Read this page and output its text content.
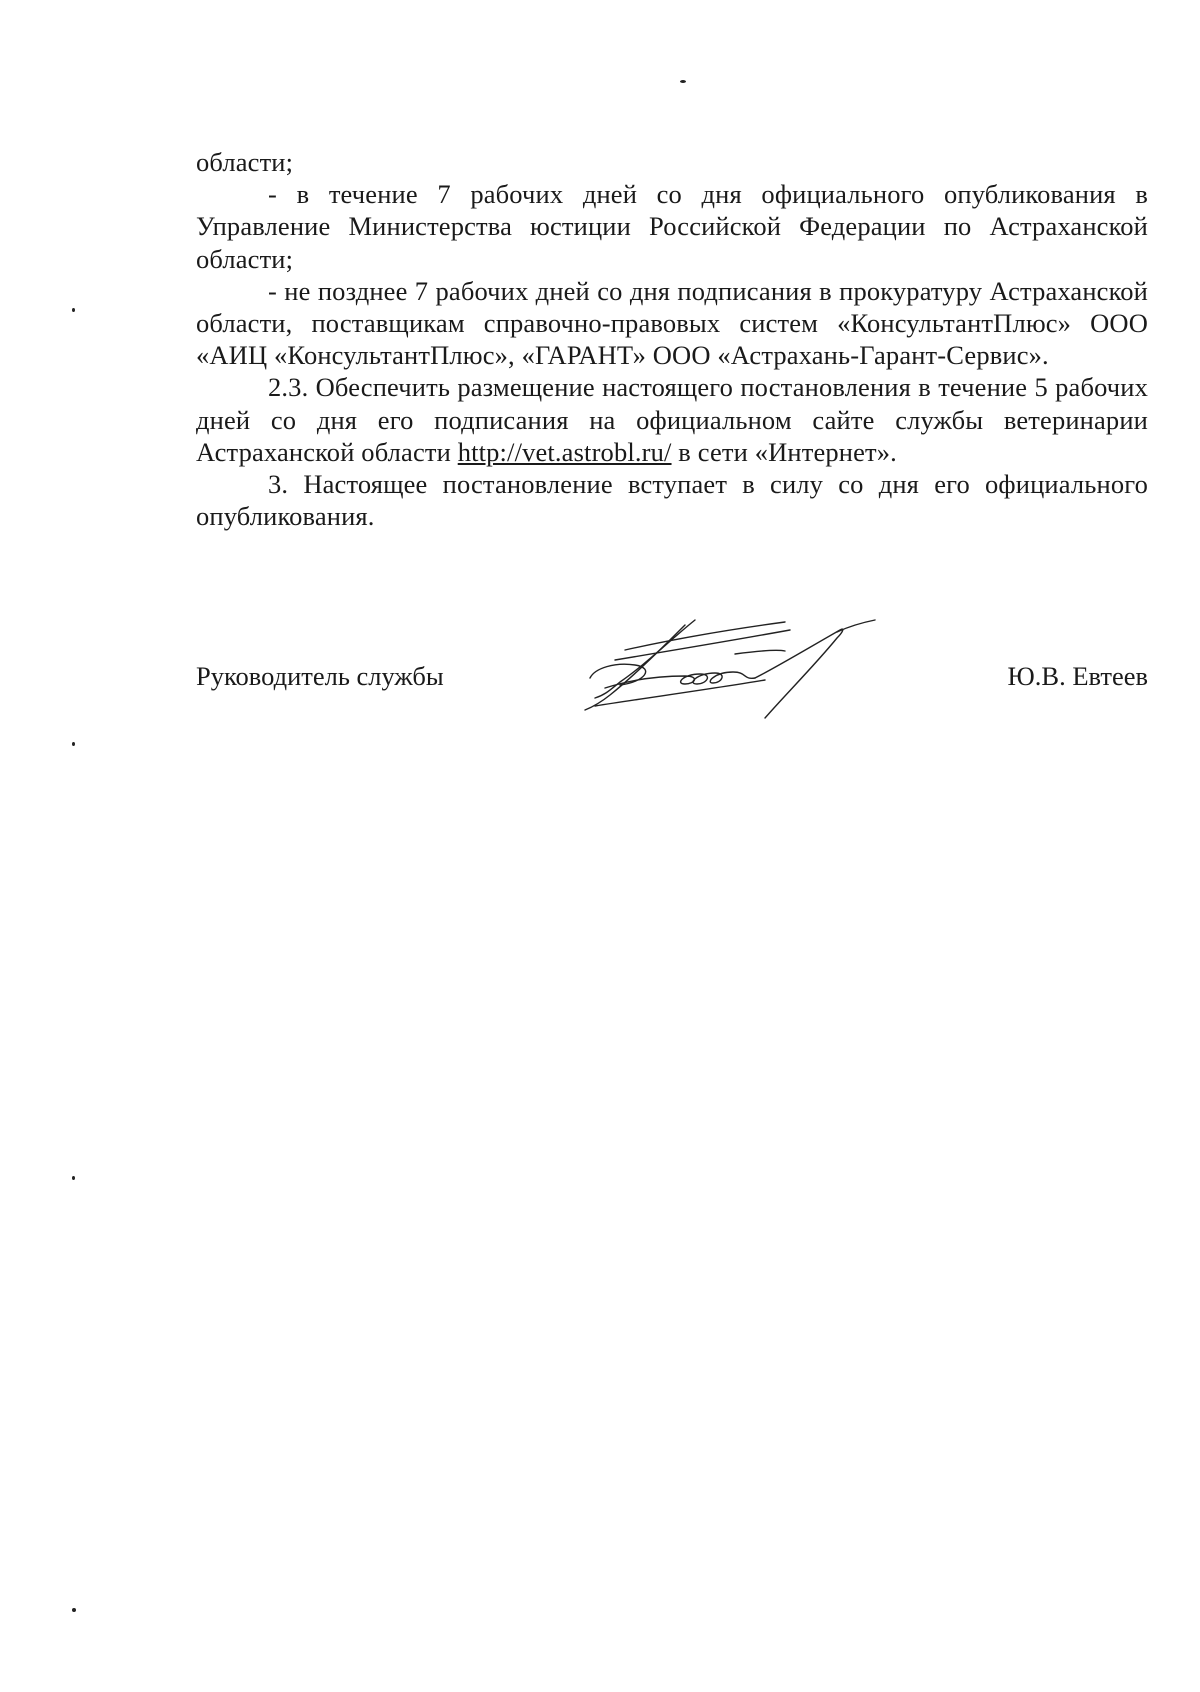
области;

- в течение 7 рабочих дней со дня официального опубликования в Управление Министерства юстиции Российской Федерации по Астраханской области;

- не позднее 7 рабочих дней со дня подписания в прокуратуру Астраханской области, поставщикам справочно-правовых систем «КонсультантПлюс» ООО «АИЦ «КонсультантПлюс», «ГАРАНТ» ООО «Астрахань-Гарант-Сервис».

2.3. Обеспечить размещение настоящего постановления в течение 5 рабочих дней со дня его подписания на официальном сайте службы ветеринарии Астраханской области http://vet.astrobl.ru/ в сети «Интернет».

3. Настоящее постановление вступает в силу со дня его официального опубликования.

Руководитель службы	Ю.В. Евтеев
